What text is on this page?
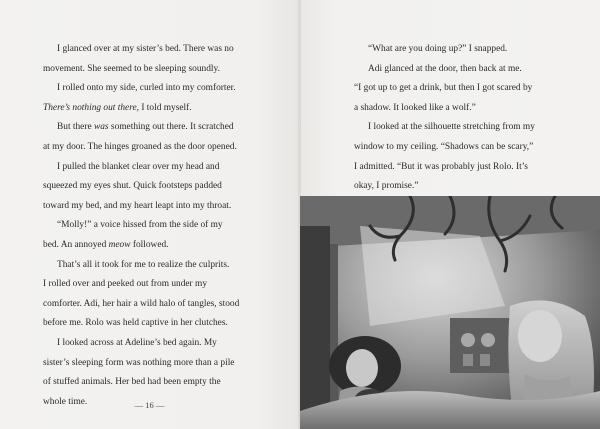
I glanced over at my sister’s bed. There was no

movement. She seemed to be sleeping soundly.

I rolled onto my side, curled into my comforter.

There’s nothing out there, I told myself.

But there was something out there. It scratched

at my door. The hinges groaned as the door opened.

I pulled the blanket clear over my head and

squeezed my eyes shut. Quick footsteps padded

toward my bed, and my heart leapt into my throat.

“Molly!” a voice hissed from the side of my

bed. An annoyed meow followed.

That’s all it took for me to realize the culprits.

I rolled over and peeked out from under my

comforter. Adi, her hair a wild halo of tangles, stood

before me. Rolo was held captive in her clutches.

I looked across at Adeline’s bed again. My

sister’s sleeping form was nothing more than a pile

of stuffed animals. Her bed had been empty the

whole time.	— 16 —

“What are you doing up?” I snapped.

Adi glanced at the door, then back at me.

“I got up to get a drink, but then I got scared by

a shadow. It looked like a wolf.”

I looked at the silhouette stretching from my

window to my ceiling. “Shadows can be scary,”

I admitted. “But it was probably just Rolo. It’s

okay, I promise.”
